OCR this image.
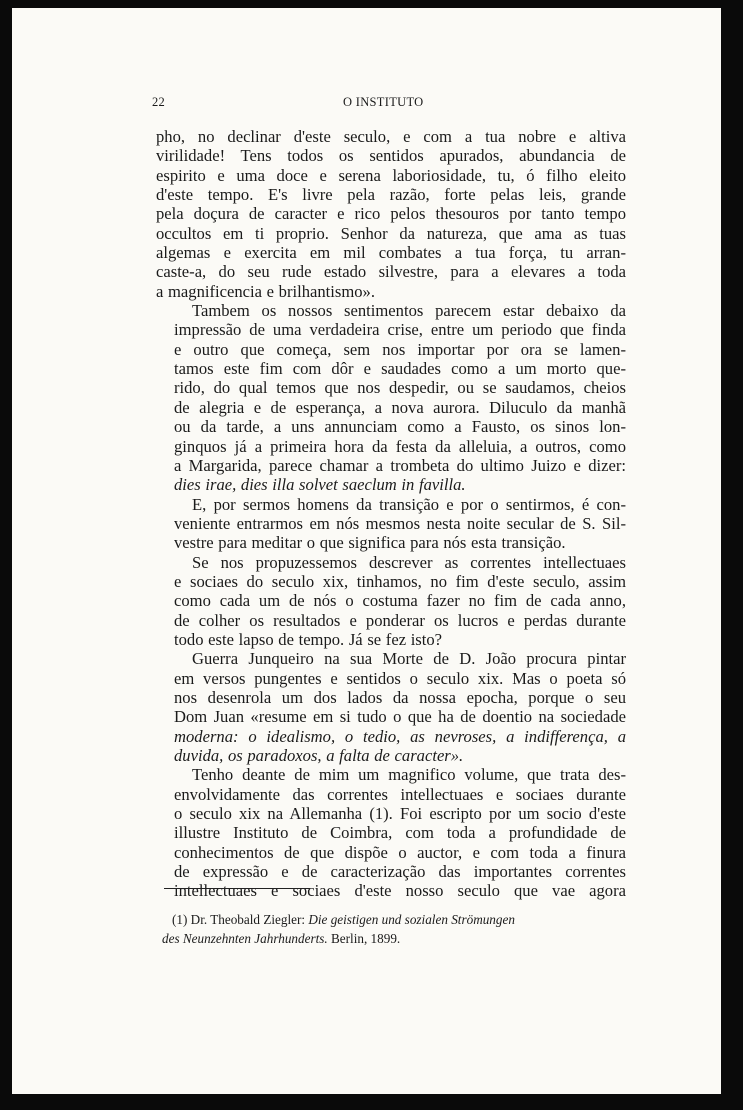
22	O INSTITUTO

pho, no declinar d'este seculo, e com a tua nobre e altiva
virilidade! Tens todos os sentidos apurados, abundancia de
espirito e uma doce e serena laboriosidade, tu, ó filho eleito
d'este tempo. E's livre pela razão, forte pelas leis, grande
pela doçura de caracter e rico pelos thesouros por tanto tempo
occultos em ti proprio. Senhor da natureza, que ama as tuas
algemas e exercita em mil combates a tua força, tu arran-
caste-a, do seu rude estado silvestre, para a elevares a toda
a magnificencia e brilhantismo».

Tambem os nossos sentimentos parecem estar debaixo da
impressão de uma verdadeira crise, entre um periodo que finda
e outro que começa, sem nos importar por ora se lamen-
tamos este fim com dôr e saudades como a um morto que-
rido, do qual temos que nos despedir, ou se saudamos, cheios
de alegria e de esperança, a nova aurora. Diluculo da manhã
ou da tarde, a uns annunciam como a Fausto, os sinos lon-
ginquos já a primeira hora da festa da alleluia, a outros, como
a Margarida, parece chamar a trombeta do ultimo Juizo e dizer:
dies irae, dies illa solvet saeclum in favilla.

E, por sermos homens da transição e por o sentirmos, é con-
veniente entrarmos em nós mesmos nesta noite secular de S. Sil-
vestre para meditar o que significa para nós esta transição.

Se nos propuzessemos descrever as correntes intellectuaes
e sociaes do seculo xix, tinhamos, no fim d'este seculo, assim
como cada um de nós o costuma fazer no fim de cada anno,
de colher os resultados e ponderar os lucros e perdas durante
todo este lapso de tempo. Já se fez isto?

Guerra Junqueiro na sua Morte de D. João procura pintar
em versos pungentes e sentidos o seculo xix. Mas o poeta só
nos desenrola um dos lados da nossa epocha, porque o seu
Dom Juan «resume em si tudo o que ha de doentio na sociedade
moderna: o idealismo, o tedio, as nevroses, a indifferença, a
duvida, os paradoxos, a falta de caracter».

Tenho deante de mim um magnifico volume, que trata des-
envolvidamente das correntes intellectuaes e sociaes durante
o seculo xix na Allemanha (1). Foi escripto por um socio d'este
illustre Instituto de Coimbra, com toda a profundidade de
conhecimentos de que dispõe o auctor, e com toda a finura
de expressão e de caracterização das importantes correntes
intellectuaes e sociaes d'este nosso seculo que vae agora

(1) Dr. Theobald Ziegler: Die geistigen und sozialen Strömungen
des Neunzehnten Jahrhunderts. Berlin, 1899.
